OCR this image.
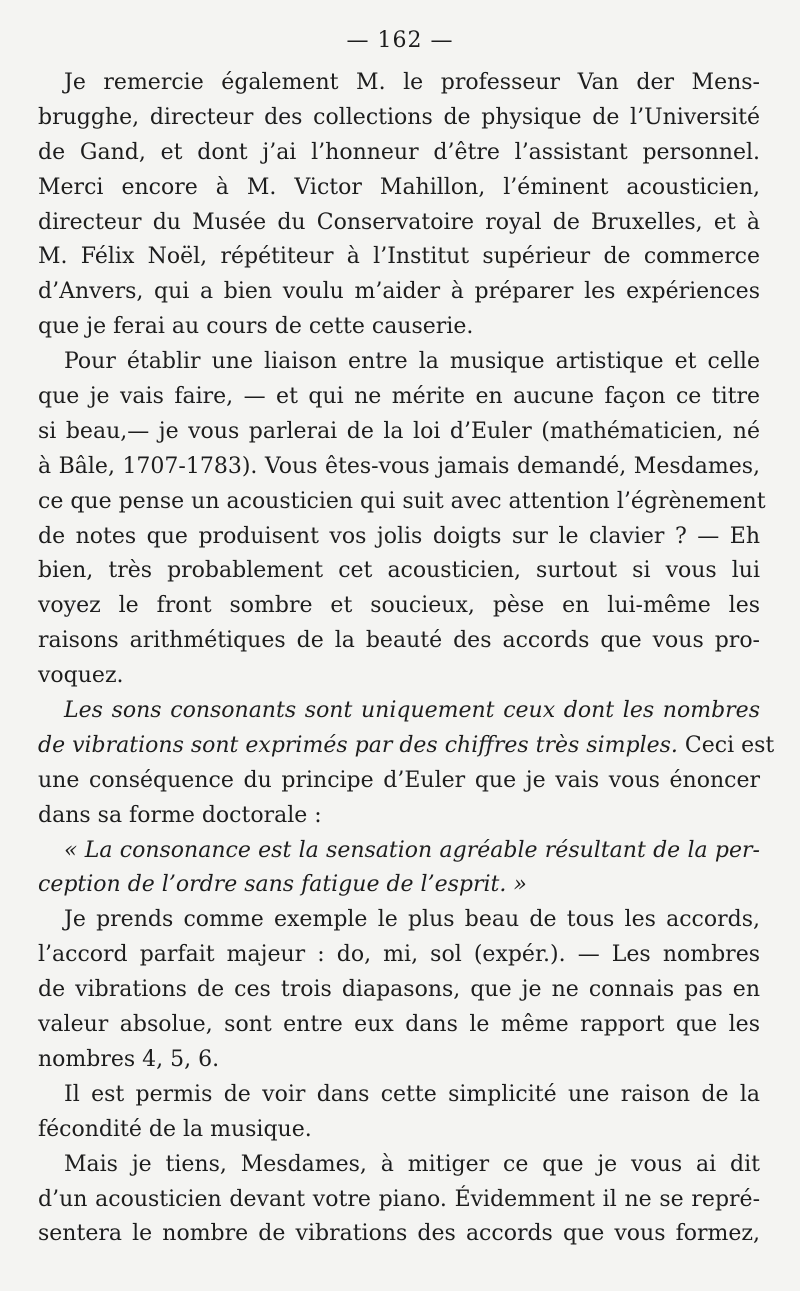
— 162 —
Je remercie également M. le professeur Van der Mens-
brugghe, directeur des collections de physique de l’Université
de Gand, et dont j’ai l’honneur d’être l’assistant personnel.
Merci encore à M. Victor Mahillon, l’éminent acousticien,
directeur du Musée du Conservatoire royal de Bruxelles, et à
M. Félix Noël, répétiteur à l’Institut supérieur de commerce
d’Anvers, qui a bien voulu m’aider à préparer les expériences
que je ferai au cours de cette causerie.
Pour établir une liaison entre la musique artistique et celle
que je vais faire, — et qui ne mérite en aucune façon ce titre
si beau,— je vous parlerai de la loi d’Euler (mathématicien, né
à Bâle, 1707-1783). Vous êtes-vous jamais demandé, Mesdames,
ce que pense un acousticien qui suit avec attention l’égrènement
de notes que produisent vos jolis doigts sur le clavier ? — Eh
bien, très probablement cet acousticien, surtout si vous lui
voyez le front sombre et soucieux, pèse en lui-même les
raisons arithmétiques de la beauté des accords que vous pro-
voquez.
Les sons consonants sont uniquement ceux dont les nombres
de vibrations sont exprimés par des chiffres très simples. Ceci est
une conséquence du principe d’Euler que je vais vous énoncer
dans sa forme doctorale :
« La consonance est la sensation agréable résultant de la per-
ception de l’ordre sans fatigue de l’esprit. »
Je prends comme exemple le plus beau de tous les accords,
l’accord parfait majeur : do, mi, sol (expér.). — Les nombres
de vibrations de ces trois diapasons, que je ne connais pas en
valeur absolue, sont entre eux dans le même rapport que les
nombres 4, 5, 6.
Il est permis de voir dans cette simplicité une raison de la
fécondité de la musique.
Mais je tiens, Mesdames, à mitiger ce que je vous ai dit
d’un acousticien devant votre piano. Évidemment il ne se repré-
sentera le nombre de vibrations des accords que vous formez,
